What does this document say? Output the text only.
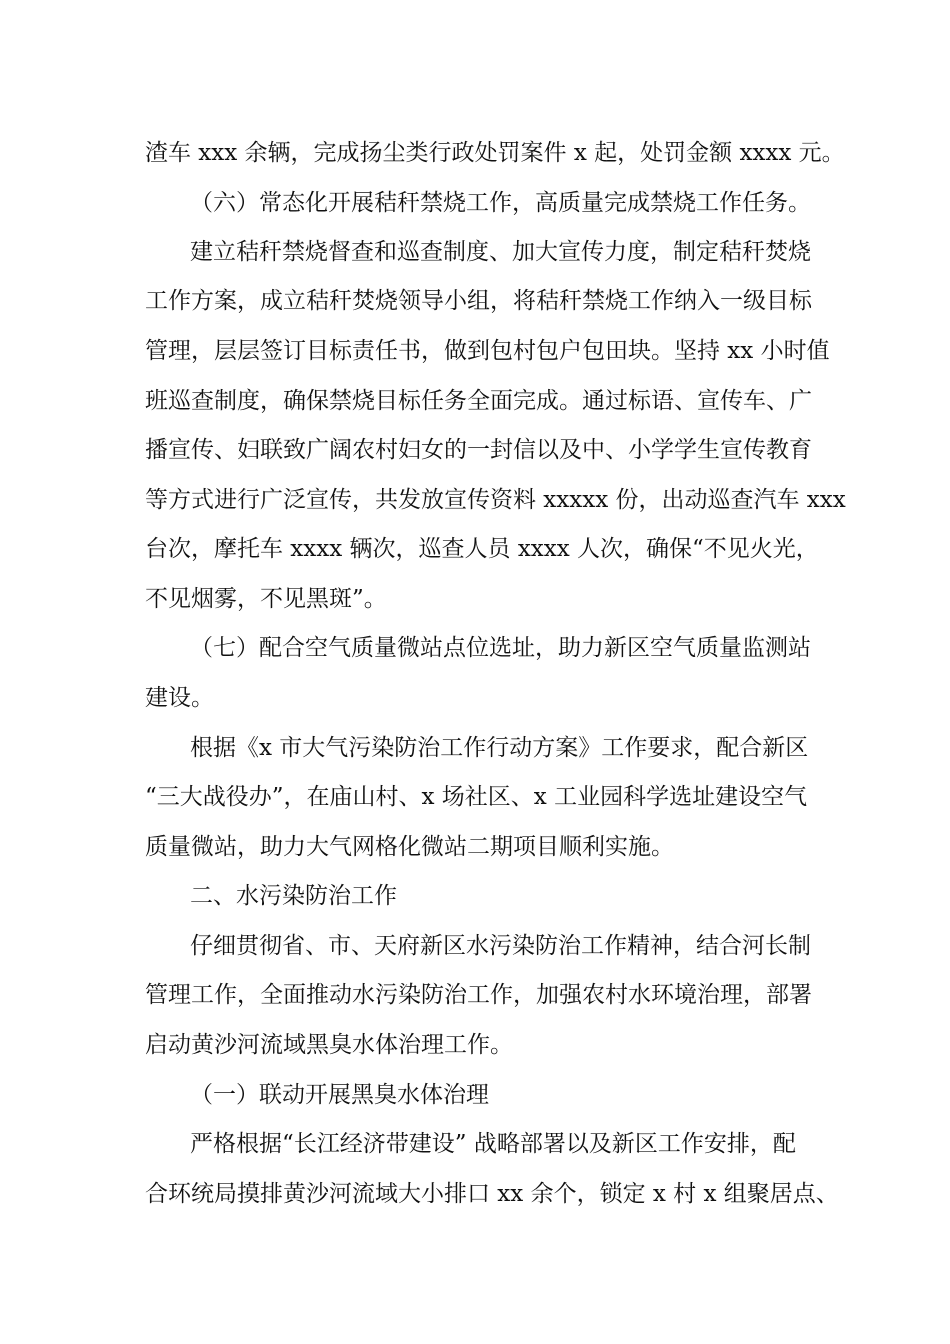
渣车 xxx 余辆，完成扬尘类行政处罚案件 x 起，处罚金额 xxxx 元。

（六）常态化开展秸秆禁烧工作，高质量完成禁烧工作任务。

建立秸秆禁烧督查和巡查制度、加大宣传力度，制定秸秆焚烧

工作方案，成立秸秆焚烧领导小组，将秸秆禁烧工作纳入一级目标

管理，层层签订目标责任书，做到包村包户包田块。坚持 xx 小时值

班巡查制度，确保禁烧目标任务全面完成。通过标语、宣传车、广

播宣传、妇联致广阔农村妇女的一封信以及中、小学学生宣传教育

等方式进行广泛宣传，共发放宣传资料 xxxxx 份，出动巡查汽车 xxx

台次，摩托车 xxxx 辆次，巡查人员 xxxx 人次，确保“不见火光，

不见烟雾，不见黑斑”。

（七）配合空气质量微站点位选址，助力新区空气质量监测站

建设。

根据《x 市大气污染防治工作行动方案》工作要求，配合新区

“三大战役办”，在庙山村、x 场社区、x 工业园科学选址建设空气

质量微站，助力大气网格化微站二期项目顺利实施。

二、水污染防治工作

仔细贯彻省、市、天府新区水污染防治工作精神，结合河长制

管理工作，全面推动水污染防治工作，加强农村水环境治理，部署

启动黄沙河流域黑臭水体治理工作。

（一）联动开展黑臭水体治理

严格根据“长江经济带建设” 战略部署以及新区工作安排，配

合环统局摸排黄沙河流域大小排口 xx 余个，锁定 x 村 x 组聚居点、
